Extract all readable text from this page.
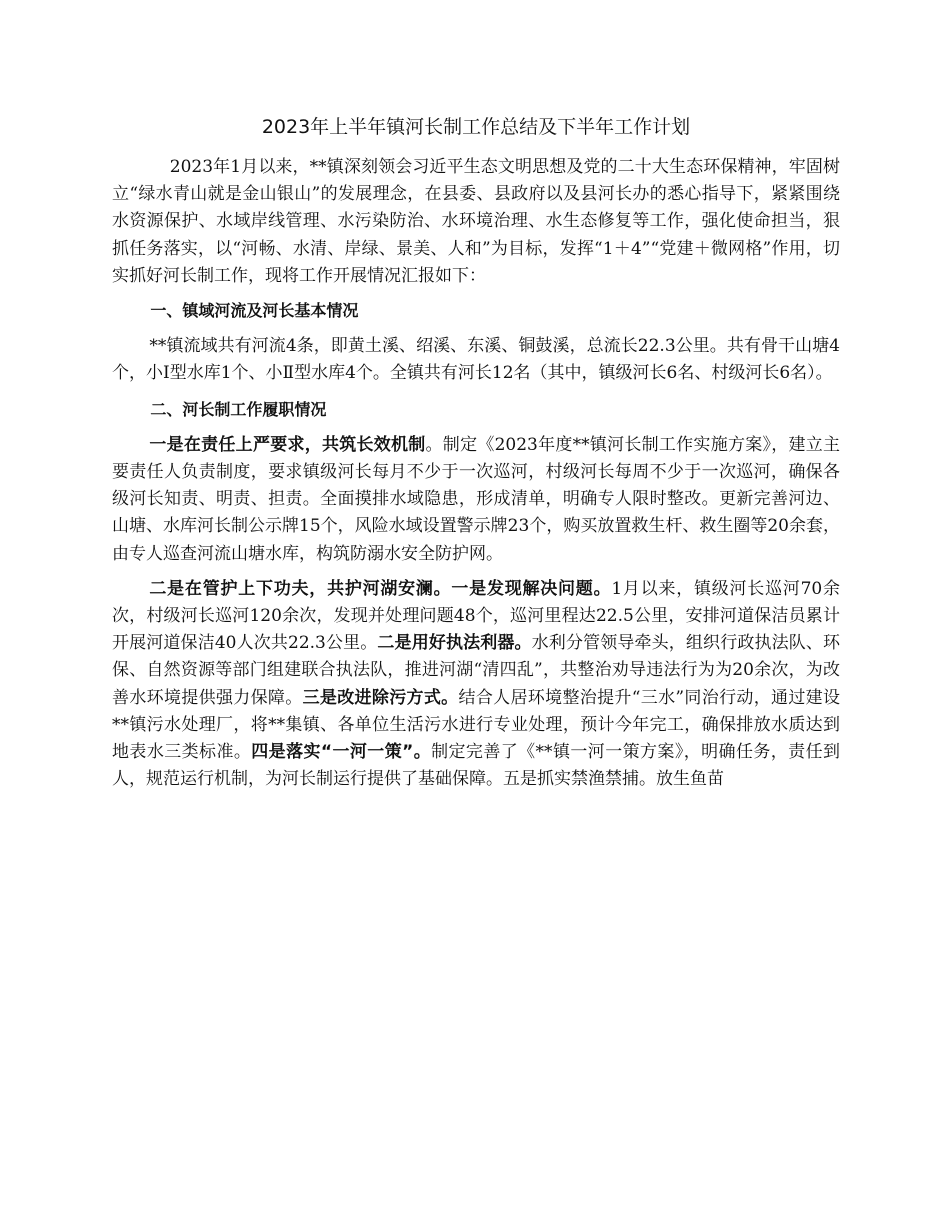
2023年上半年镇河长制工作总结及下半年工作计划

2023年1月以来，**镇深刻领会习近平生态文明思想及党的二十大生态环保精神，牢固树立“绿水青山就是金山银山”的发展理念，在县委、县政府以及县河长办的悉心指导下，紧紧围绕水资源保护、水域岸线管理、水污染防治、水环境治理、水生态修复等工作，强化使命担当，狠抓任务落实，以“河畅、水清、岸绿、景美、人和”为目标，发挥“1＋4”“党建＋微网格”作用，切实抓好河长制工作，现将工作开展情况汇报如下：

一、镇域河流及河长基本情况

**镇流域共有河流4条，即黄土溪、绍溪、东溪、铜鼓溪，总流长22.3公里。共有骨干山塘4个，小Ⅰ型水库1个、小Ⅱ型水库4个。全镇共有河长12名（其中，镇级河长6名、村级河长6名）。

二、河长制工作履职情况

一是在责任上严要求，共筑长效机制。制定《2023年度**镇河长制工作实施方案》，建立主要责任人负责制度，要求镇级河长每月不少于一次巡河，村级河长每周不少于一次巡河，确保各级河长知责、明责、担责。全面摸排水域隐患，形成清单，明确专人限时整改。更新完善河边、山塘、水库河长制公示牌15个，风险水域设置警示牌23个，购买放置救生杆、救生圈等20余套，由专人巡查河流山塘水库，构筑防溺水安全防护网。

二是在管护上下功夫，共护河湖安澜。一是发现解决问题。1月以来，镇级河长巡河70余次，村级河长巡河120余次，发现并处理问题48个，巡河里程达22.5公里，安排河道保洁员累计开展河道保洁40人次共22.3公里。二是用好执法利器。水利分管领导牵头，组织行政执法队、环保、自然资源等部门组建联合执法队，推进河湖“清四乱”，共整治劝导违法行为为20余次，为改善水环境提供强力保障。三是改进除污方式。结合人居环境整治提升“三水”同治行动，通过建设**镇污水处理厂，将**集镇、各单位生活污水进行专业处理，预计今年完工，确保排放水质达到地表水三类标准。四是落实“一河一策”。制定完善了《**镇一河一策方案》，明确任务，责任到人，规范运行机制，为河长制运行提供了基础保障。五是抓实禁渔禁捕。放生鱼苗
